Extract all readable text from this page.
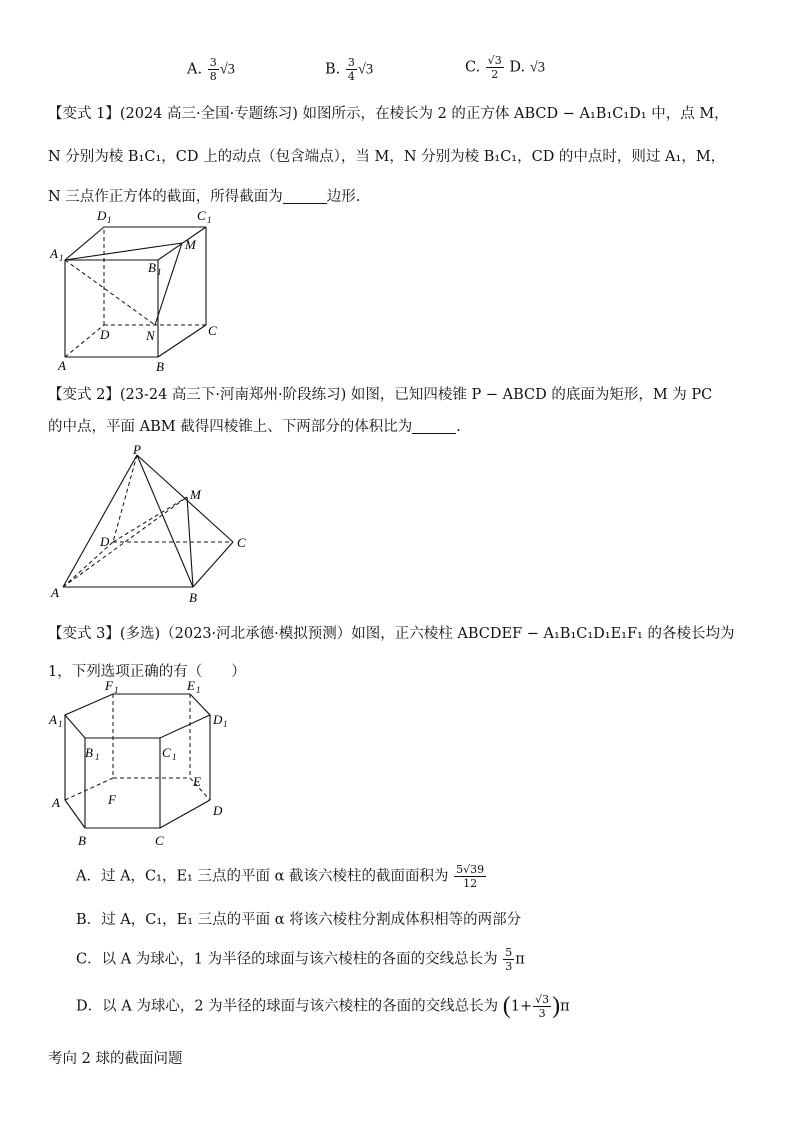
A. $\frac{3}{8} √3$	B. $\frac{3}{4} √3$	C. $\frac{√3}{2} D$. √3
【变式 1】(2024 高三·全国·专题练习) 如图所示，在棱长为 2 的正方体 ABCD − A₁B₁C₁D₁ 中，点 M，
N 分别为棱 B₁C₁，CD 上的动点（包含端点），当 M，N 分别为棱 B₁C₁，CD 的中点时，则过 A₁，M，
N 三点作正方体的截面，所得截面为	边形.
D 1	C 1
A 1
M
B 1
D	N	C
A	B
【变式 2】(23-24 高三下·河南郑州·阶段练习) 如图，已知四棱锥 P − ABCD 的底面为矩形，M 为 PC
的中点，平面 ABM 截得四棱锥上、下两部分的体积比为	.
P
M
D	C
A	B
【变式 3】(多选)（2023·河北承德·模拟预测）如图，正六棱柱 ABCDEF − A₁B₁C₁D₁E₁F₁ 的各棱长均为
1，下列选项正确的有（　　）
F 1	E 1
A 1	D 1
B 1	C 1
E
A	F
D
B	C
A．过 A，C₁，E₁ 三点的平面 α 截该六棱柱的截面面积为 $\frac{5√39}{12}$
B．过 A，C₁，E₁ 三点的平面 α 将该六棱柱分割成体积相等的两部分
C．以 A 为球心，1 为半径的球面与该六棱柱的各面的交线总长为 $\frac{5}{3}$ π
D．以 A 为球心，2 为半径的球面与该六棱柱的各面的交线总长为 $(1+ \frac{√3}{3} )\pi$
考向 2 球的截面问题
